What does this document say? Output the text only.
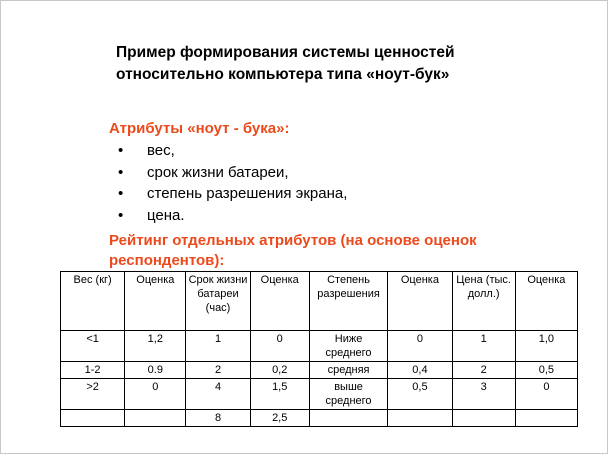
Пример формирования системы ценностей
относительно компьютера типа «ноут-бук»
Атрибуты «ноут - бука»:
• вес,
• срок жизни батареи,
• степень разрешения экрана,
• цена.
Рейтинг отдельных атрибутов (на основе оценок
респондентов):
Вес (кг)	Оценка	Срок жизни батареи (час)	Оценка	Степень разрешения	Оценка	Цена (тыс. долл.)	Оценка
<1	1,2	1	0	Ниже среднего	0	1	1,0
1-2	0.9	2	0,2	средняя	0,4	2	0,5
>2	0	4	1,5	выше среднего	0,5	3	0
		8	2,5				
